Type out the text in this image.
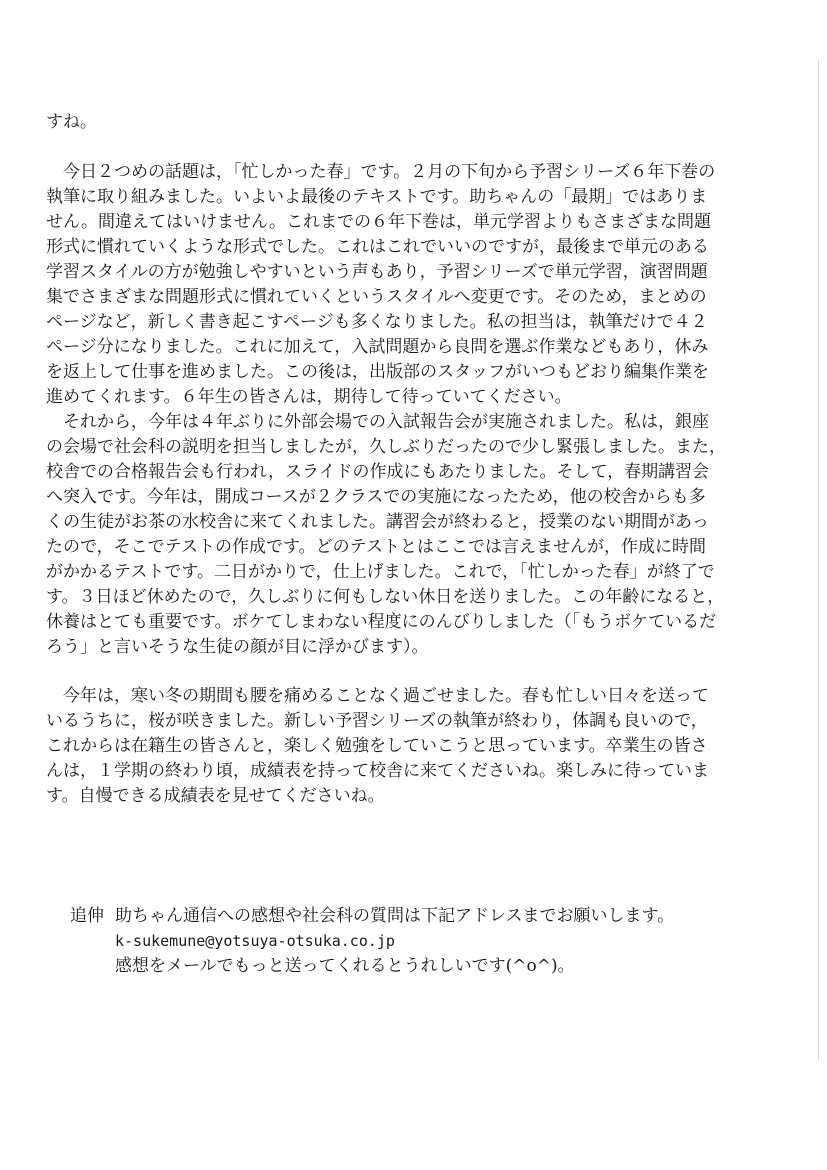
すね。
　今日２つめの話題は，「忙しかった春」です。２月の下旬から予習シリーズ６年下巻の
執筆に取り組みました。いよいよ最後のテキストです。助ちゃんの「最期」ではありま
せん。間違えてはいけません。これまでの６年下巻は，単元学習よりもさまざまな問題
形式に慣れていくような形式でした。これはこれでいいのですが，最後まで単元のある
学習スタイルの方が勉強しやすいという声もあり，予習シリーズで単元学習，演習問題
集でさまざまな問題形式に慣れていくというスタイルへ変更です。そのため，まとめの
ページなど，新しく書き起こすページも多くなりました。私の担当は，執筆だけで４２
ページ分になりました。これに加えて，入試問題から良問を選ぶ作業などもあり，休み
を返上して仕事を進めました。この後は，出版部のスタッフがいつもどおり編集作業を
進めてくれます。６年生の皆さんは，期待して待っていてください。
　それから，今年は４年ぶりに外部会場での入試報告会が実施されました。私は，銀座
の会場で社会科の説明を担当しましたが，久しぶりだったので少し緊張しました。また，
校舎での合格報告会も行われ，スライドの作成にもあたりました。そして，春期講習会
へ突入です。今年は，開成コースが２クラスでの実施になったため，他の校舎からも多
くの生徒がお茶の水校舎に来てくれました。講習会が終わると，授業のない期間があっ
たので，そこでテストの作成です。どのテストとはここでは言えませんが，作成に時間
がかかるテストです。二日がかりで，仕上げました。これで，「忙しかった春」が終了で
す。３日ほど休めたので，久しぶりに何もしない休日を送りました。この年齢になると，
休養はとても重要です。ボケてしまわない程度にのんびりしました（「もうボケているだ
ろう」と言いそうな生徒の顔が目に浮かびます）。
　今年は，寒い冬の期間も腰を痛めることなく過ごせました。春も忙しい日々を送って
いるうちに，桜が咲きました。新しい予習シリーズの執筆が終わり，体調も良いので，
これからは在籍生の皆さんと，楽しく勉強をしていこうと思っています。卒業生の皆さ
んは，１学期の終わり頃，成績表を持って校舎に来てくださいね。楽しみに待っていま
す。自慢できる成績表を見せてくださいね。
追伸 助ちゃん通信への感想や社会科の質問は下記アドレスまでお願いします。
k-sukemune@yotsuya-otsuka.co.jp
感想をメールでもっと送ってくれるとうれしいです(^o^)。
